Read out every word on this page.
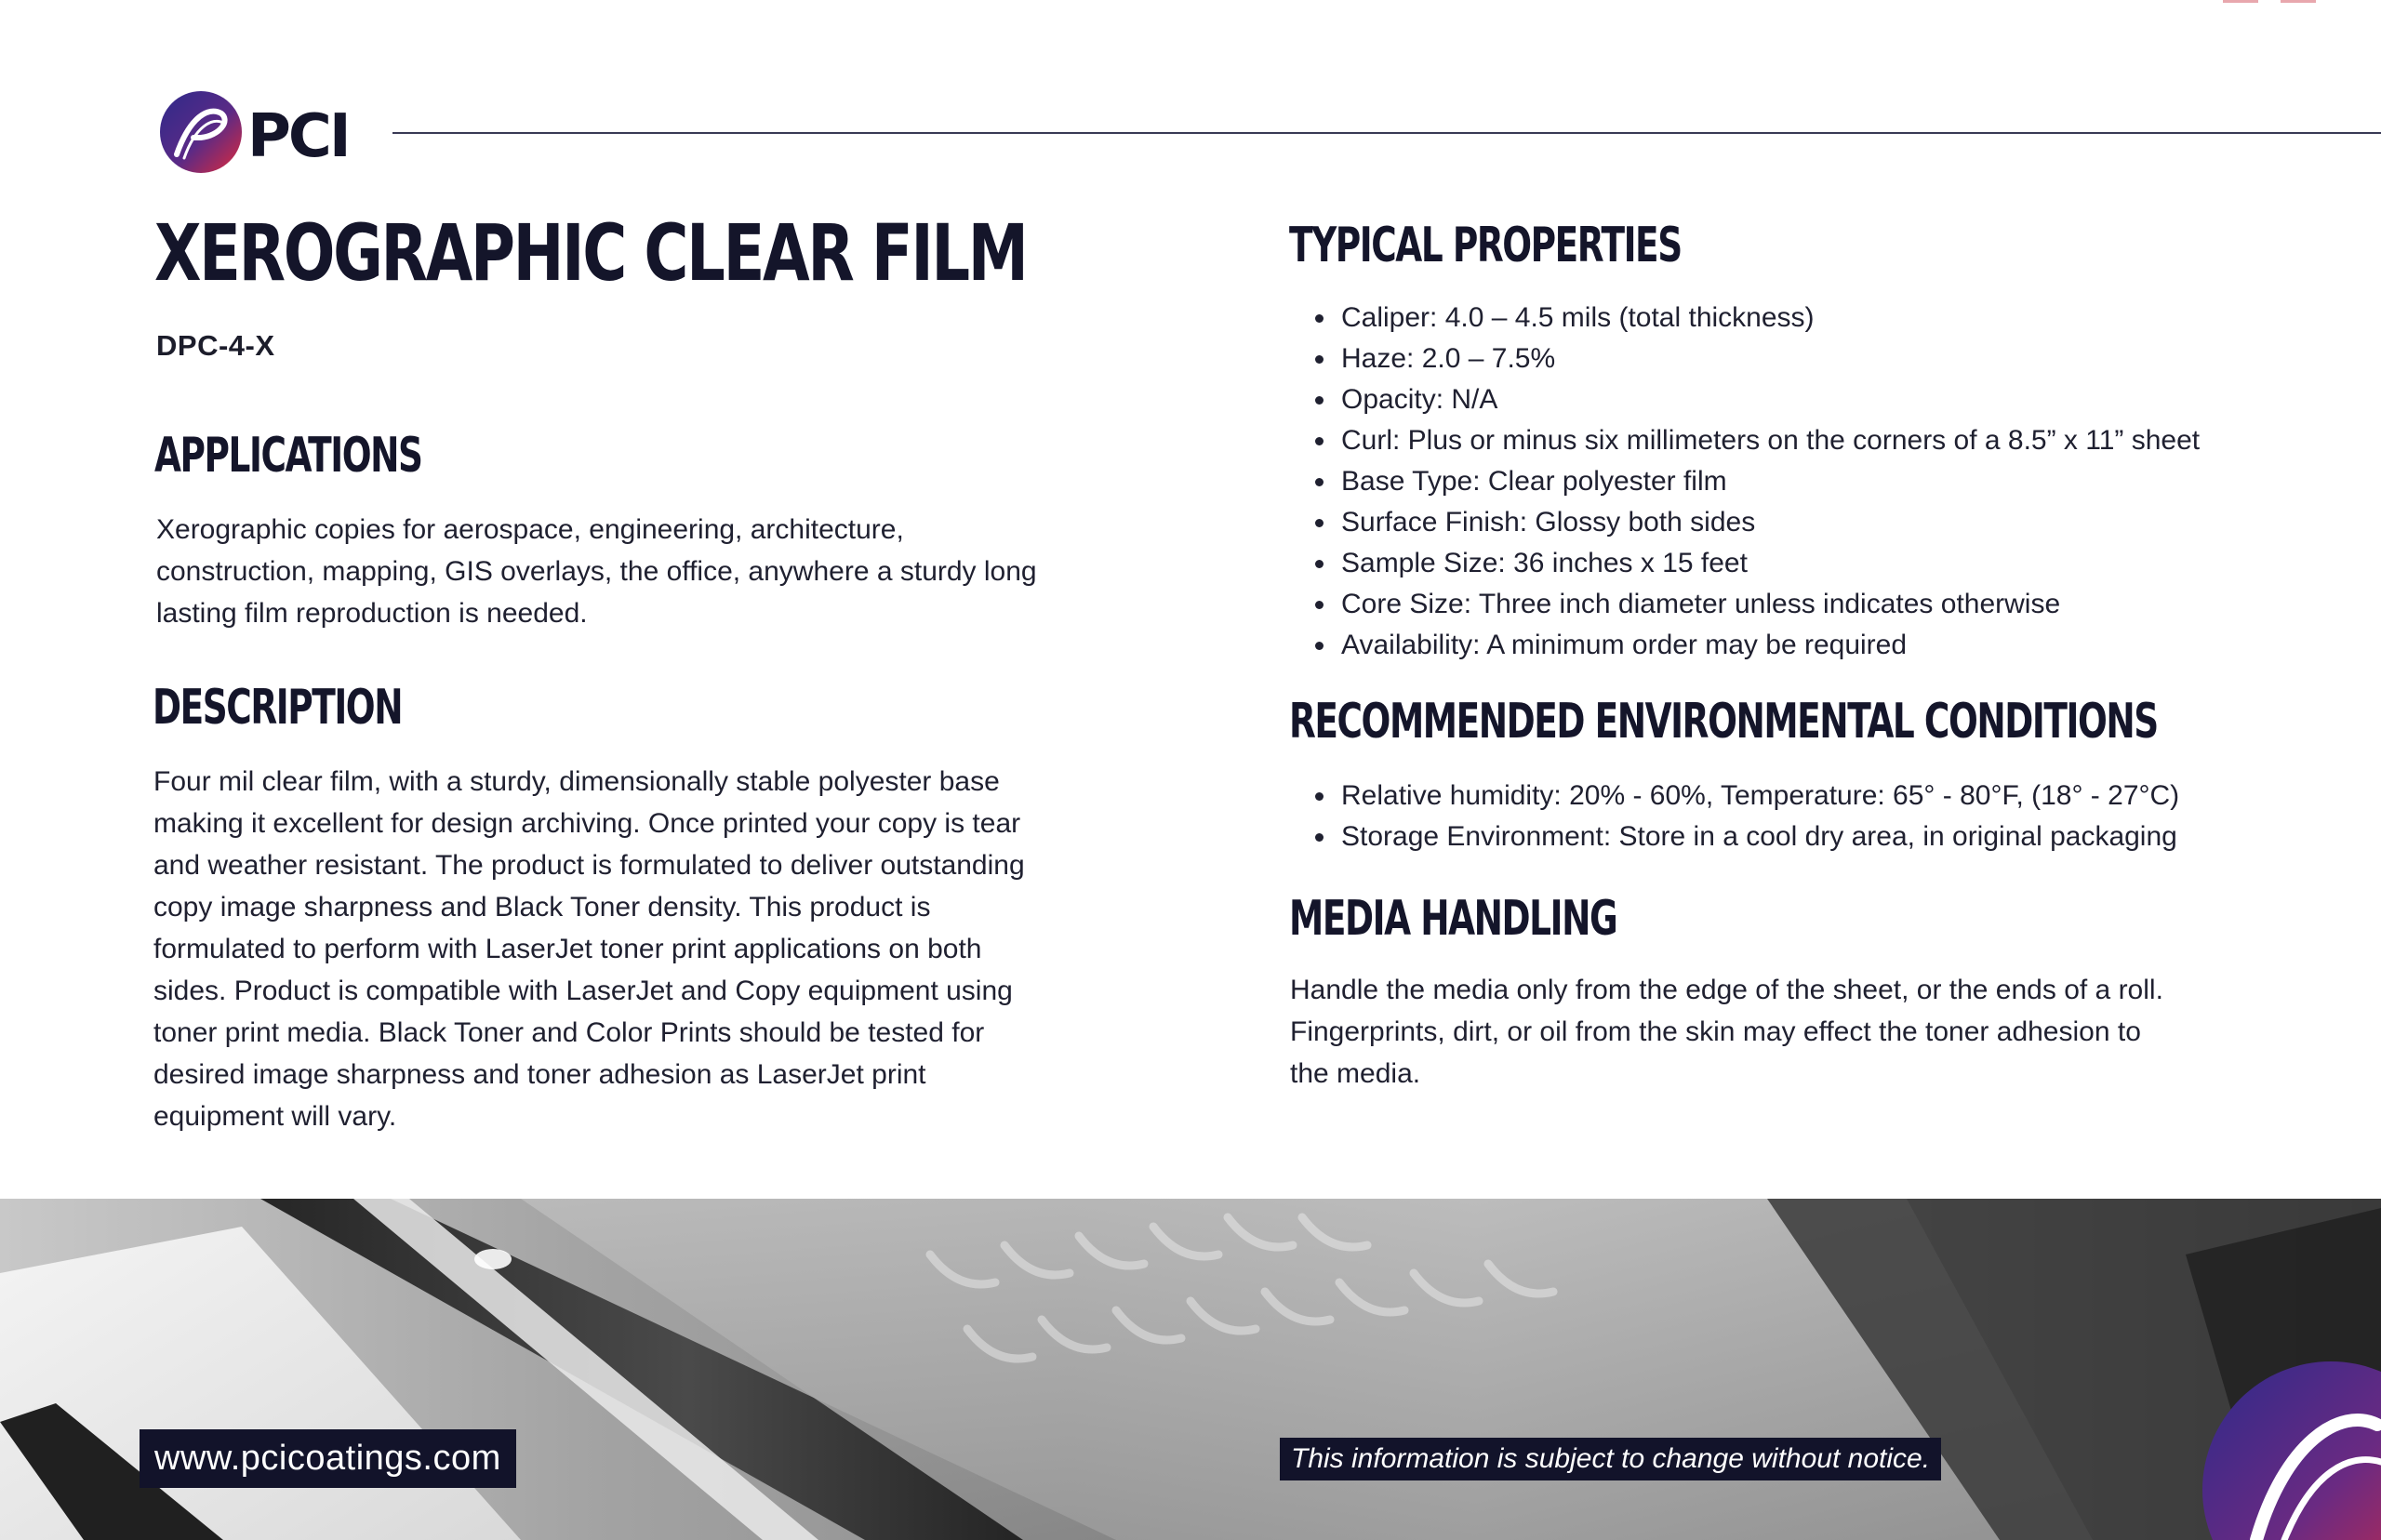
PCI
XEROGRAPHIC CLEAR FILM
DPC-4-X
APPLICATIONS
Xerographic copies for aerospace, engineering, architecture,
construction, mapping, GIS overlays, the office, anywhere a sturdy long
lasting film reproduction is needed.
DESCRIPTION
Four mil clear film, with a sturdy, dimensionally stable polyester base
making it excellent for design archiving. Once printed your copy is tear
and weather resistant. The product is formulated to deliver outstanding
copy image sharpness and Black Toner density. This product is
formulated to perform with LaserJet toner print applications on both
sides. Product is compatible with LaserJet and Copy equipment using
toner print media. Black Toner and Color Prints should be tested for
desired image sharpness and toner adhesion as LaserJet print
equipment will vary.
TYPICAL PROPERTIES
• Caliper: 4.0 – 4.5 mils (total thickness)
• Haze: 2.0 – 7.5%
• Opacity: N/A
• Curl: Plus or minus six millimeters on the corners of a 8.5” x 11” sheet
• Base Type: Clear polyester film
• Surface Finish: Glossy both sides
• Sample Size: 36 inches x 15 feet
• Core Size: Three inch diameter unless indicates otherwise
• Availability: A minimum order may be required
RECOMMENDED ENVIRONMENTAL CONDITIONS
• Relative humidity: 20% - 60%, Temperature: 65° - 80°F, (18° - 27°C)
• Storage Environment: Store in a cool dry area, in original packaging
MEDIA HANDLING
Handle the media only from the edge of the sheet, or the ends of a roll.
Fingerprints, dirt, or oil from the skin may effect the toner adhesion to
the media.
www.pcicoatings.com	This information is subject to change without notice.
